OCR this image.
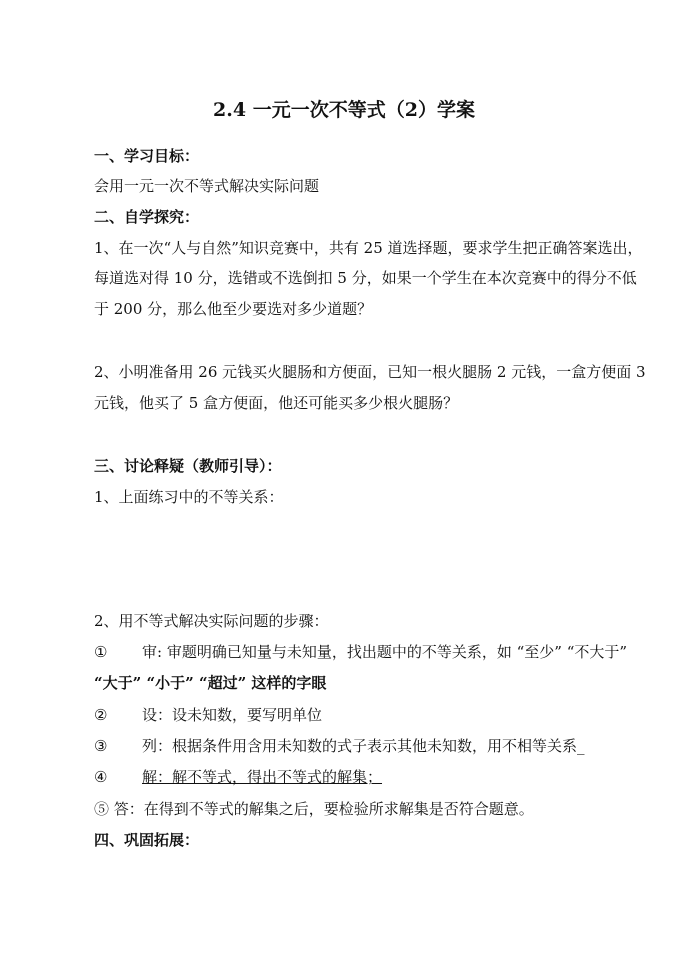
2.4 一元一次不等式（2）学案
一、学习目标：
会用一元一次不等式解决实际问题
二、自学探究：
1、在一次“人与自然”知识竞赛中，共有 25 道选择题，要求学生把正确答案选出，
每道选对得 10 分，选错或不选倒扣 5 分，如果一个学生在本次竞赛中的得分不低
于 200 分，那么他至少要选对多少道题？
2、小明准备用 26 元钱买火腿肠和方便面，已知一根火腿肠 2 元钱，一盒方便面 3
元钱，他买了 5 盒方便面，他还可能买多少根火腿肠？
三、讨论释疑（教师引导）：
1、上面练习中的不等关系：
2、用不等式解决实际问题的步骤：
① 审: 审题明确已知量与未知量，找出题中的不等关系，如 “至少” “不大于”
“大于” “小于” “超过” 这样的字眼
② 设：设未知数，要写明单位
③ 列：根据条件用含用未知数的式子表示其他未知数，用不相等关系_
④ 解：解不等式，得出不等式的解集；
⑤ 答：在得到不等式的解集之后，要检验所求解集是否符合题意。
四、巩固拓展：
